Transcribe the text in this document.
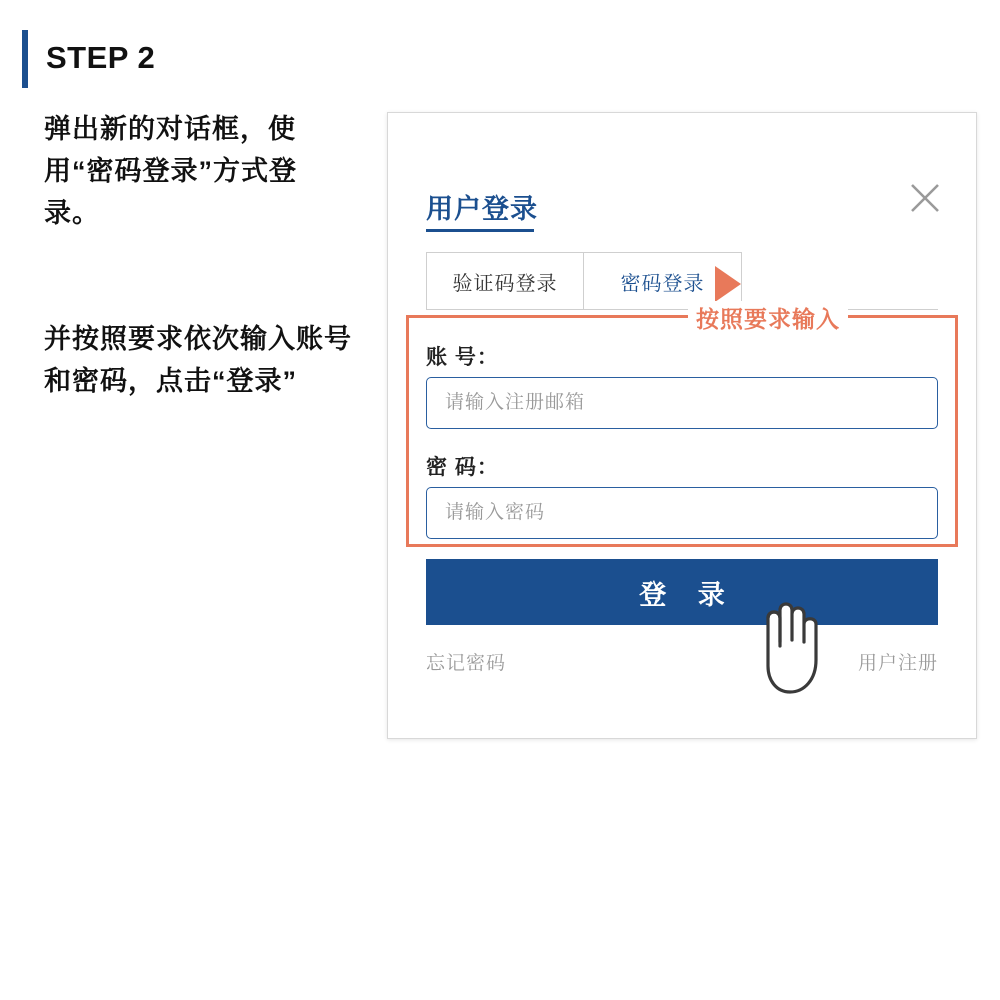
STEP 2
弹出新的对话框，使用“密码登录”方式登录。
并按照要求依次输入账号和密码，点击“登录”
用户登录
验证码登录	密码登录
按照要求输入
账 号：
请输入注册邮箱
密 码：
登 录
忘记密码	用户注册
